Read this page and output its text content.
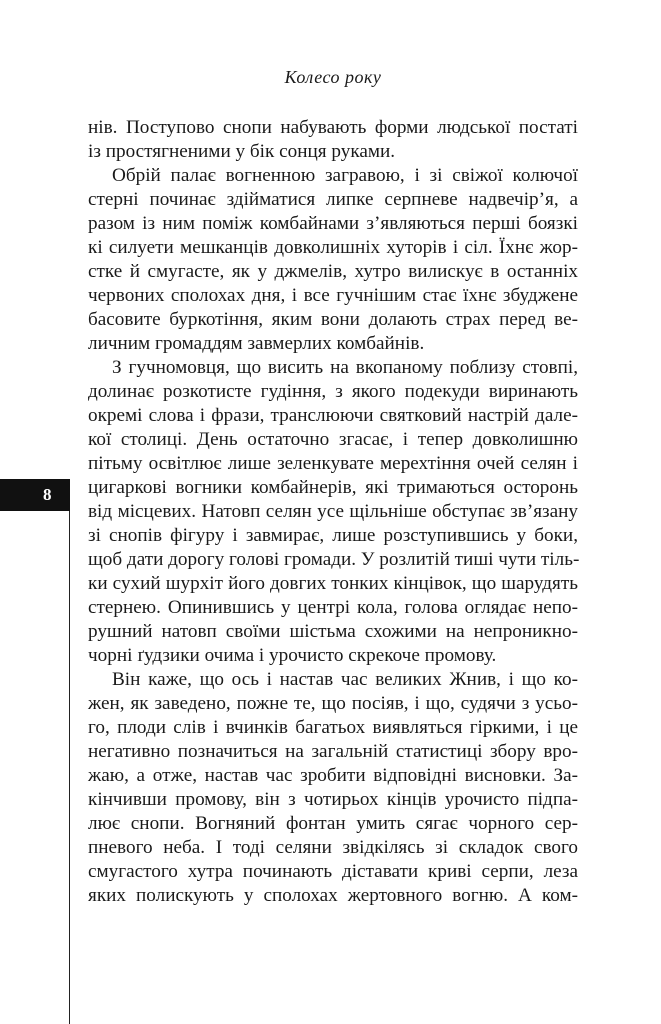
Колесо року
нів. Поступово снопи набувають форми людської постаті
із простягненими у бік сонця руками.
Обрій палає вогненною загравою, і зі свіжої колючої
стерні починає здійматися липке серпневе надвечір’я, а
разом із ним поміж комбайнами з’являються перші боязкі
кі силуети мешканців довколишніх хуторів і сіл. Їхнє жор-
стке й смугасте, як у джмелів, хутро вилискує в останніх
червоних сполохах дня, і все гучнішим стає їхнє збуджене
басовите буркотіння, яким вони долають страх перед ве-
личним громаддям завмерлих комбайнів.
З гучномовця, що висить на вкопаному поблизу стовпі,
долинає розкотисте гудіння, з якого подекуди виринають
окремі слова і фрази, транслюючи святковий настрій дале-
кої столиці. День остаточно згасає, і тепер довколишню
пітьму освітлює лише зеленкувате мерехтіння очей селян і
цигаркові вогники комбайнерів, які тримаються осторонь
від місцевих. Натовп селян усе щільніше обступає зв’язану
зі снопів фігуру і завмирає, лише розступившись у боки,
щоб дати дорогу голові громади. У розлитій тиші чути тіль-
ки сухий шурхіт його довгих тонких кінцівок, що шарудять
стернею. Опинившись у центрі кола, голова оглядає непо-
рушний натовп своїми шістьма схожими на непроникно-
чорні ґудзики очима і урочисто скрекоче промову.
Він каже, що ось і настав час великих Жнив, і що ко-
жен, як заведено, пожне те, що посіяв, і що, судячи з усьо-
го, плоди слів і вчинків багатьох виявляться гіркими, і це
негативно позначиться на загальній статистиці збору вро-
жаю, а отже, настав час зробити відповідні висновки. За-
кінчивши промову, він з чотирьох кінців урочисто підпа-
лює снопи. Вогняний фонтан умить сягає чорного сер-
пневого неба. І тоді селяни звідкілясь зі складок свого
смугастого хутра починають діставати криві серпи, леза
яких полискують у сполохах жертовного вогню. А ком-
8
